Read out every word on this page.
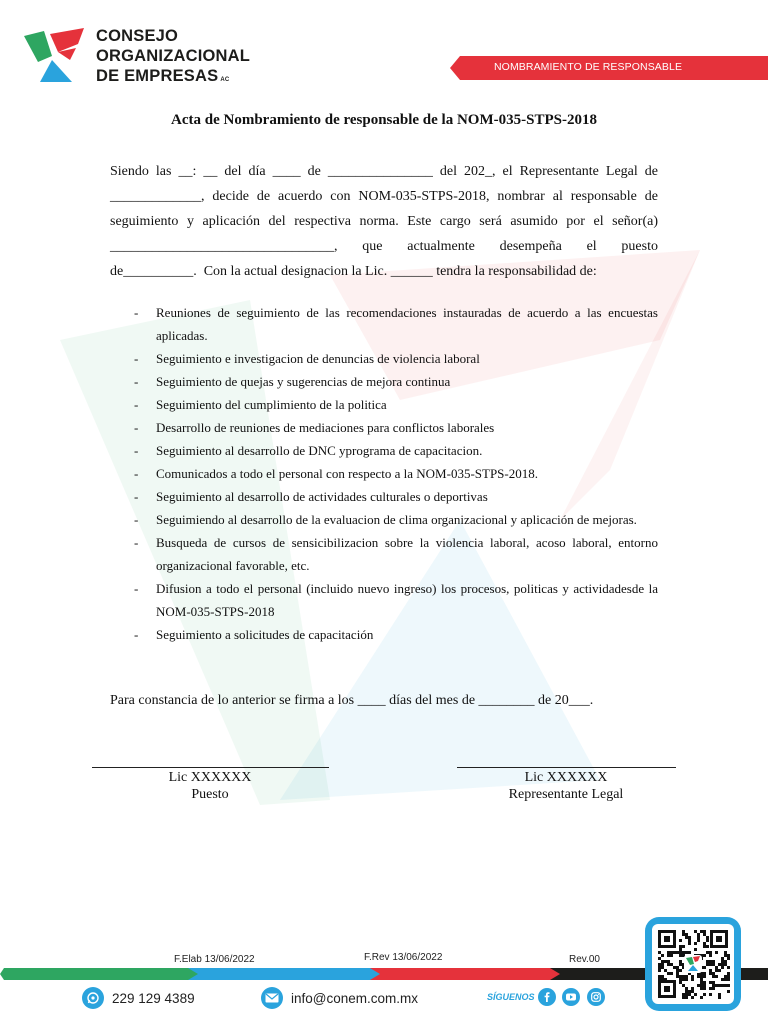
CONSEJO
ORGANIZACIONAL
DE EMPRESAS AC
NOMBRAMIENTO DE RESPONSABLE
Acta de Nombramiento de responsable de la NOM-035-STPS-2018
Siendo las __: __ del día ____ de _______________ del 202_, el Representante Legal de
_____________, decide de acuerdo con NOM-035-STPS-2018, nombrar al responsable de
seguimiento y aplicación del respectiva norma. Este cargo será asumido por el señor(a)
________________________________,   que   actualmente   desempeña   el   puesto
de__________.  Con la actual designacion la Lic. ______ tendra la responsabilidad de:
- Reuniones de seguimiento de las recomendaciones instauradas de acuerdo a las encuestas aplicadas.
- Seguimiento e investigacion de denuncias de violencia laboral
- Seguimiento de quejas y sugerencias de mejora continua
- Seguimiento del cumplimiento de la politica
- Desarrollo de reuniones de mediaciones para conflictos laborales
- Seguimiento al desarrollo de DNC yprograma de capacitacion.
- Comunicados a todo el personal con respecto a la NOM-035-STPS-2018.
- Seguimiento al desarrollo de actividades culturales o deportivas
- Seguimiendo al desarrollo de la evaluacion de clima organizacional y aplicación de mejoras.
- Busqueda de cursos de sensicibilizacion sobre la violencia laboral, acoso laboral, entorno organizacional favorable, etc.
- Difusion a todo el personal (incluido nuevo ingreso) los procesos, politicas y actividadesde la NOM-035-STPS-2018
- Seguimiento a solicitudes de capacitación
Para constancia de lo anterior se firma a los ____ días del mes de ________ de 20___.
Lic XXXXXX
Puesto
Lic XXXXXX
Representante Legal
F.Elab 13/06/2022	F.Rev 13/06/2022	Rev.00
229 129 4389	info@conem.com.mx	SÍGUENOS
